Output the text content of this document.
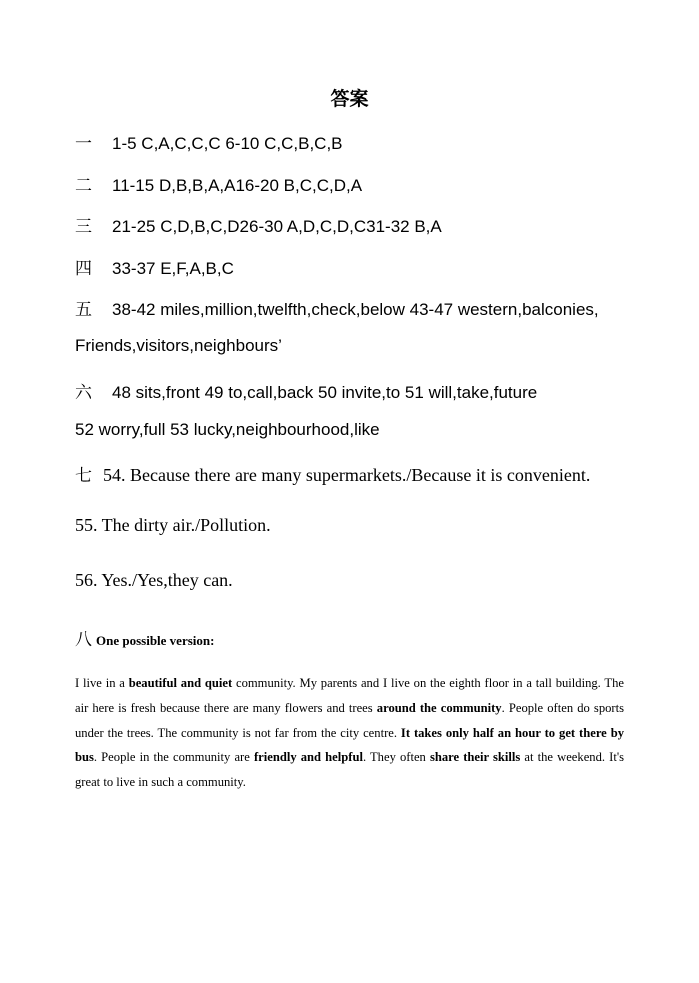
答案
一 1-5 C,A,C,C,C 6-10 C,C,B,C,B
二 11-15 D,B,B,A,A16-20 B,C,C,D,A
三 21-25 C,D,B,C,D26-30 A,D,C,D,C31-32 B,A
四 33-37 E,F,A,B,C
五 38-42 miles,million,twelfth,check,below 43-47 western,balconies,
Friends,visitors,neighbours’
六 48 sits,front 49 to,call,back 50 invite,to 51 will,take,future
52 worry,full 53 lucky,neighbourhood,like
七 54. Because there are many supermarkets./Because it is convenient.
55. The dirty air./Pollution.
56. Yes./Yes,they can.
八 One possible version:
I live in a beautiful and quiet community. My parents and I live on the eighth floor in a tall building. The air here is fresh because there are many flowers and trees around the community. People often do sports under the trees. The community is not far from the city centre. It takes only half an hour to get there by bus. People in the community are friendly and helpful. They often share their skills at the weekend. It's great to live in such a community.
